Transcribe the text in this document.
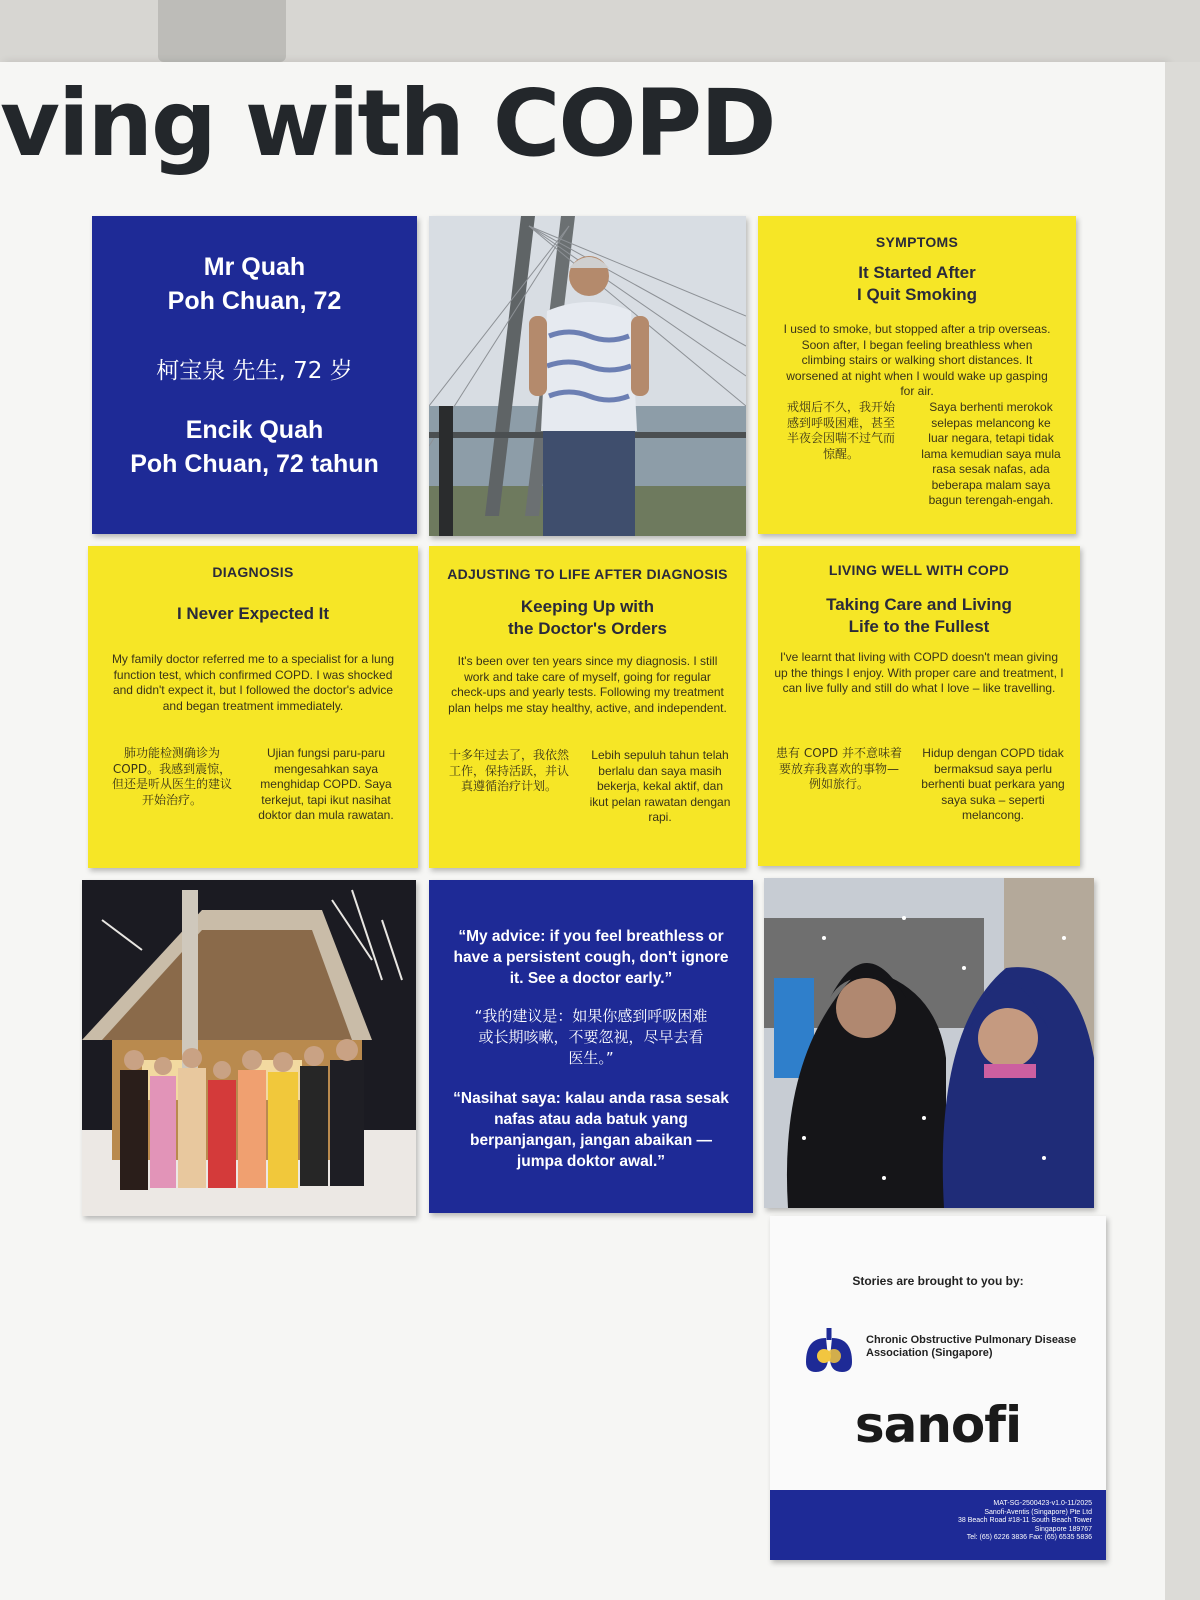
ving with COPD
Mr Quah
Poh Chuan, 72
柯宝泉 先生, 72 岁
Encik Quah
Poh Chuan, 72 tahun

SYMPTOMS

It Started After
I Quit Smoking

I used to smoke, but stopped after a trip overseas. Soon after, I began feeling breathless when climbing stairs or walking short distances. It worsened at night when I would wake up gasping for air.

戒烟后不久，我开始感到呼吸困难，甚至半夜会因喘不过气而惊醒。
Saya berhenti merokok selepas melancong ke luar negara, tetapi tidak lama kemudian saya mula rasa sesak nafas, ada beberapa malam saya bagun terengah-engah.

DIAGNOSIS

I Never Expected It

My family doctor referred me to a specialist for a lung function test, which confirmed COPD. I was shocked and didn't expect it, but I followed the doctor's advice and began treatment immediately.

肺功能检测确诊为COPD。我感到震惊，但还是听从医生的建议开始治疗。
Ujian fungsi paru-paru mengesahkan saya menghidap COPD. Saya terkejut, tapi ikut nasihat doktor dan mula rawatan.

ADJUSTING TO LIFE AFTER DIAGNOSIS

Keeping Up with
the Doctor's Orders

It's been over ten years since my diagnosis. I still work and take care of myself, going for regular check-ups and yearly tests. Following my treatment plan helps me stay healthy, active, and independent.

十多年过去了，我依然工作，保持活跃，并认真遵循治疗计划。
Lebih sepuluh tahun telah berlalu dan saya masih bekerja, kekal aktif, dan ikut pelan rawatan dengan rapi.

LIVING WELL WITH COPD

Taking Care and Living
Life to the Fullest

I've learnt that living with COPD doesn't mean giving up the things I enjoy. With proper care and treatment, I can live fully and still do what I love – like travelling.

患有 COPD 并不意味着要放弃我喜欢的事物—例如旅行。
Hidup dengan COPD tidak bermaksud saya perlu berhenti buat perkara yang saya suka – seperti melancong.

“My advice: if you feel breathless or have a persistent cough, don't ignore it. See a doctor early.”

“我的建议是：如果你感到呼吸困难或长期咳嗽，不要忽视，尽早去看医生。”

“Nasihat saya: kalau anda rasa sesak nafas atau ada batuk yang berpanjangan, jangan abaikan — jumpa doktor awal.”

Stories are brought to you by:

Chronic Obstructive Pulmonary Disease
Association (Singapore)
sanofi

MAT-SG-2500423-v1.0-11/2025
Sanofi-Aventis (Singapore) Pte Ltd
38 Beach Road #18-11 South Beach Tower
Singapore 189767
Tel: (65) 6226 3836 Fax: (65) 6535 5836
